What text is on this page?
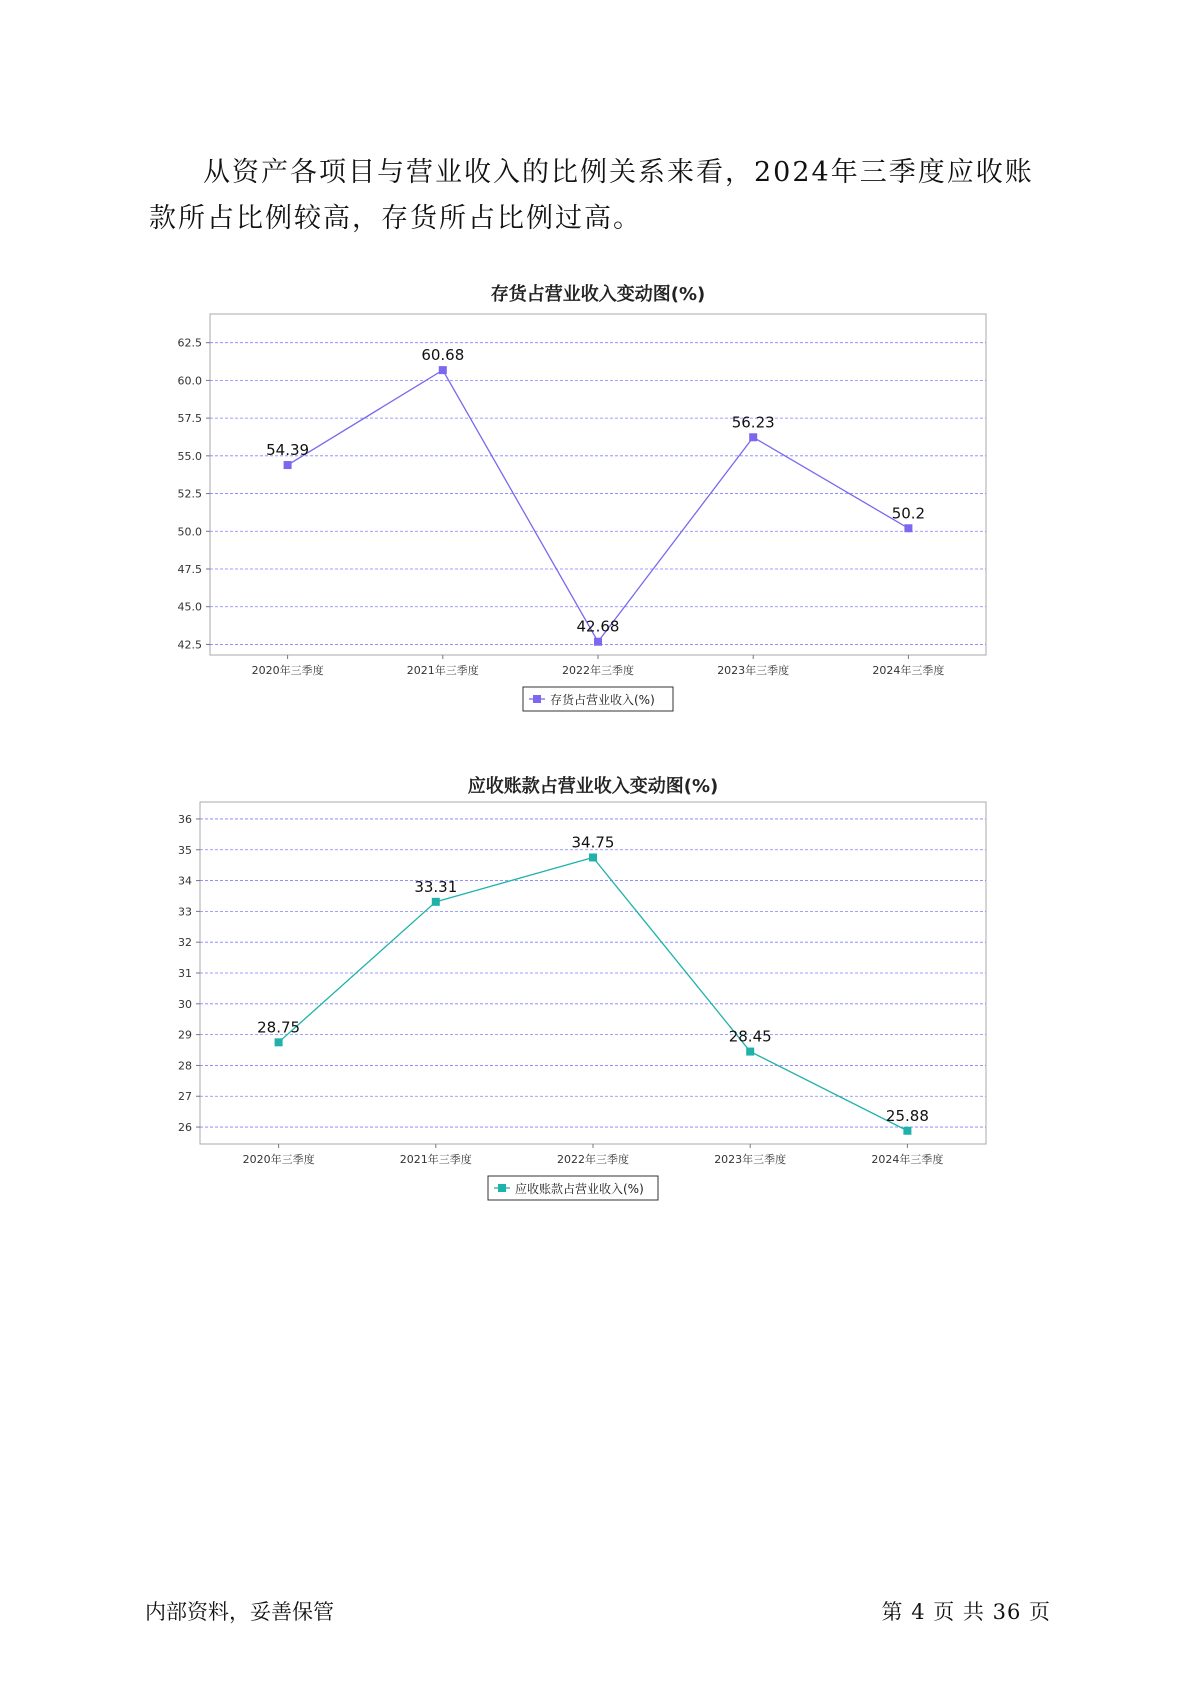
从资产各项目与营业收入的比例关系来看，2024年三季度应收账款所占比例较高，存货所占比例过高。

存货占营业收入变动图(%)
42.5
45.0
47.5
50.0
52.5
55.0
57.5
60.0
62.5
2020年三季度	2021年三季度	2022年三季度	2023年三季度	2024年三季度
54.39
60.68
42.68
56.23
50.2
存货占营业收入(%)
应收账款占营业收入变动图(%)
26
27
28
29
30
31
32
33
34
35
36
2020年三季度	2021年三季度	2022年三季度	2023年三季度	2024年三季度
28.75
33.31
34.75
28.45
25.88
应收账款占营业收入(%)
内部资料，妥善保管	第 4 页 共 36 页
